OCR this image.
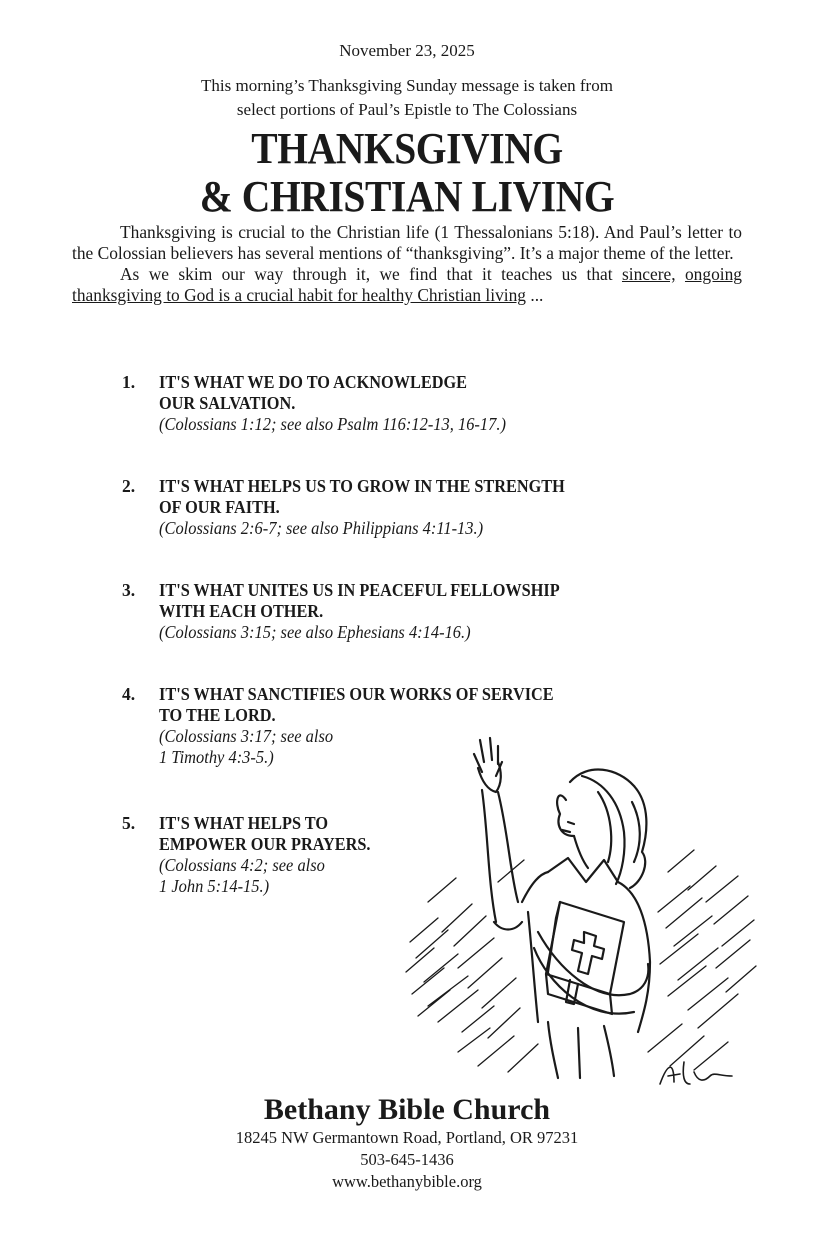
November 23, 2025
This morning’s Thanksgiving Sunday message is taken from
select portions of Paul’s Epistle to The Colossians
THANKSGIVING
& CHRISTIAN LIVING

Thanksgiving is crucial to the Christian life (1 Thessalonians 5:18). And Paul’s letter to the Colossian believers has several mentions of “thanksgiving”. It’s a major theme of the letter.

As we skim our way through it, we find that it teaches us that sincere, ongoing thanksgiving to God is a crucial habit for healthy Christian living ...

1. IT'S WHAT WE DO TO ACKNOWLEDGE
OUR SALVATION.
(Colossians 1:12; see also Psalm 116:12-13, 16-17.)
2. IT'S WHAT HELPS US TO GROW IN THE STRENGTH
OF OUR FAITH.
(Colossians 2:6-7; see also Philippians 4:11-13.)
3. IT'S WHAT UNITES US IN PEACEFUL FELLOWSHIP
WITH EACH OTHER.
(Colossians 3:15; see also Ephesians 4:14-16.)
4. IT'S WHAT SANCTIFIES OUR WORKS OF SERVICE
TO THE LORD.
(Colossians 3:17; see also
1 Timothy 4:3-5.)
5. IT'S WHAT HELPS TO
EMPOWER OUR PRAYERS.
(Colossians 4:2; see also
1 John 5:14-15.)
Bethany Bible Church
18245 NW Germantown Road, Portland, OR 97231
503-645-1436
www.bethanybible.org
